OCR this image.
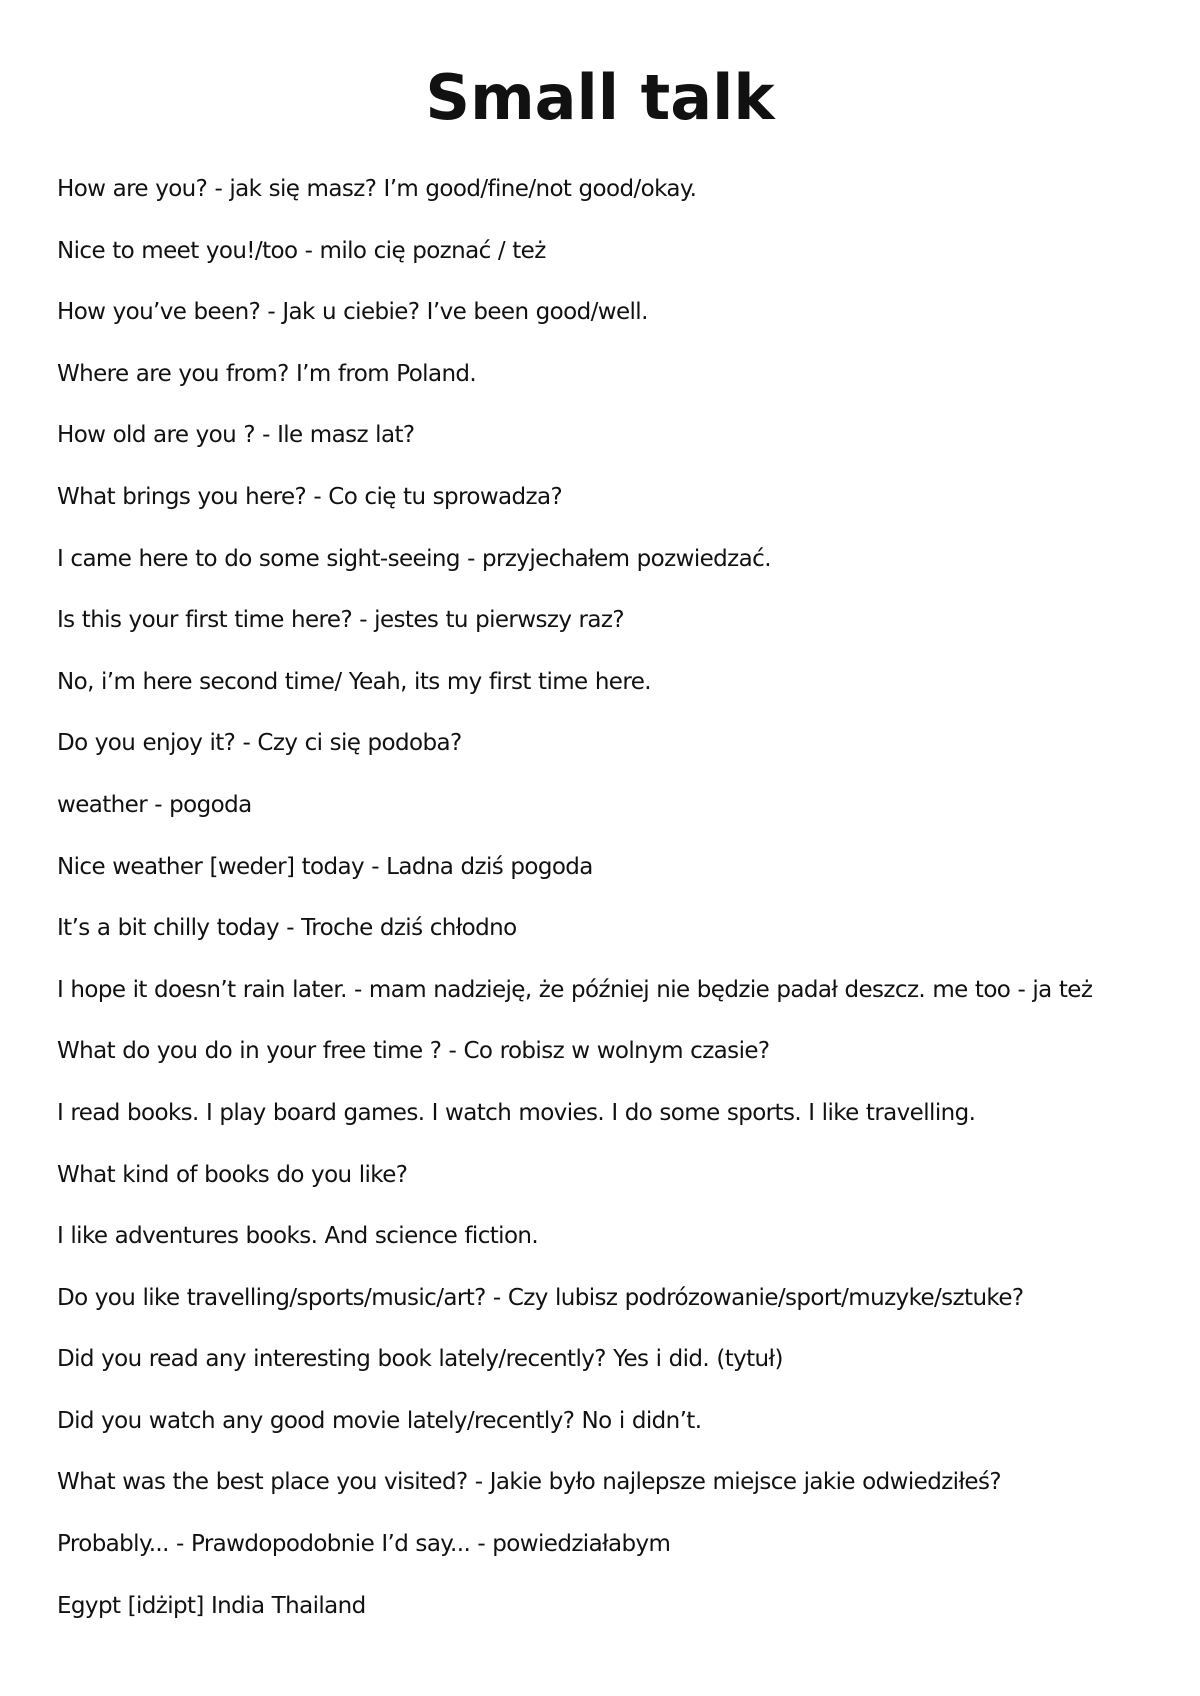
Small talk
How are you? - jak się masz? I’m good/fine/not good/okay.
Nice to meet you!/too - milo cię poznać / też
How you’ve been? - Jak u ciebie? I’ve been good/well.
Where are you from? I’m from Poland.
How old are you ? - Ile masz lat?
What brings you here? - Co cię tu sprowadza?
I came here to do some sight-seeing - przyjechałem pozwiedzać.
Is this your first time here? - jestes tu pierwszy raz?
No, i’m here second time/ Yeah, its my first time here.
Do you enjoy it? - Czy ci się podoba?
weather - pogoda
Nice weather [weder] today - Ladna dziś pogoda
It’s a bit chilly today - Troche dziś chłodno
I hope it doesn’t rain later. - mam nadzieję, że później nie będzie padał deszcz. me too - ja też
What do you do in your free time ? - Co robisz w wolnym czasie?
I read books. I play board games. I watch movies. I do some sports. I like travelling.
What kind of books do you like?
I like adventures books. And science fiction.
Do you like travelling/sports/music/art? - Czy lubisz podrózowanie/sport/muzyke/sztuke?
Did you read any interesting book lately/recently? Yes i did. (tytuł)
Did you watch any good movie lately/recently? No i didn’t.
What was the best place you visited? - Jakie było najlepsze miejsce jakie odwiedziłeś?
Probably... - Prawdopodobnie I’d say... - powiedziałabym
Egypt [idżipt] India Thailand
